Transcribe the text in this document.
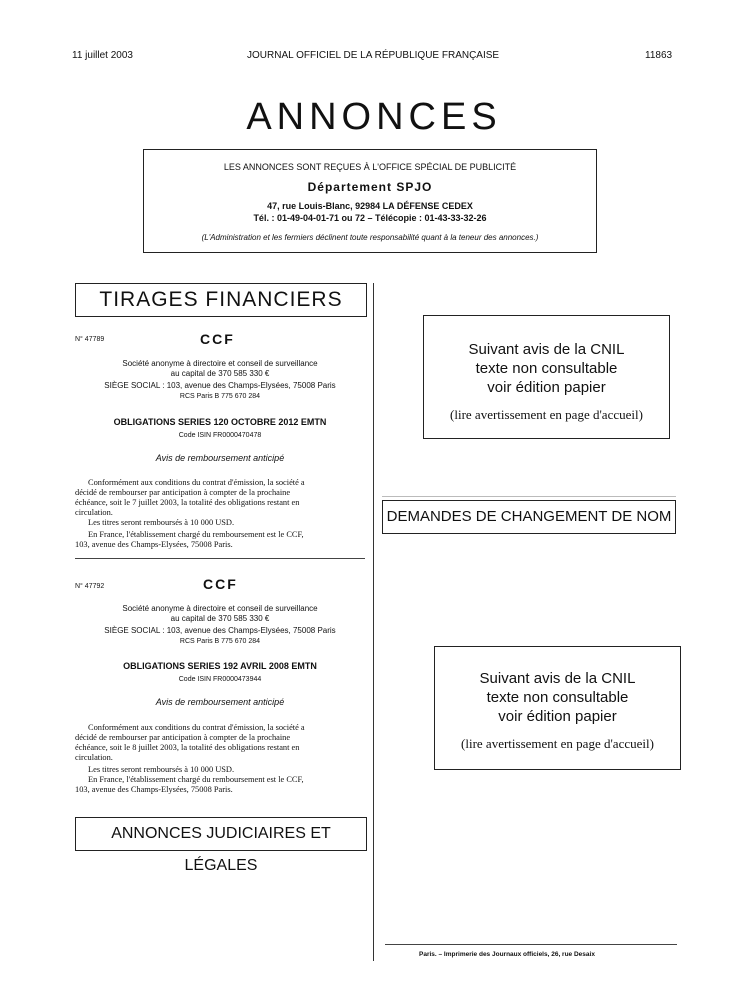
11 juillet 2003	JOURNAL OFFICIEL DE LA RÉPUBLIQUE FRANÇAISE	11863
ANNONCES
LES ANNONCES SONT REÇUES À L'OFFICE SPÉCIAL DE PUBLICITÉ
Département SPJO
47, rue Louis-Blanc, 92984 LA DÉFENSE CEDEX
Tél. : 01-49-04-01-71 ou 72 – Télécopie : 01-43-33-32-26
(L'Administration et les fermiers déclinent toute responsabilité quant à la teneur des annonces.)
TIRAGES FINANCIERS
N° 47789	CCF
Société anonyme à directoire et conseil de surveillance
au capital de 370 585 330 €
SIÈGE SOCIAL : 103, avenue des Champs-Elysées, 75008 Paris
RCS Paris B 775 670 284
OBLIGATIONS SERIES 120 OCTOBRE 2012 EMTN
Code ISIN FR0000470478
Avis de remboursement anticipé
Conformément aux conditions du contrat d'émission, la société a
décidé de rembourser par anticipation à compter de la prochaine
échéance, soit le 7 juillet 2003, la totalité des obligations restant en
circulation.
Les titres seront remboursés à 10 000 USD.
En France, l'établissement chargé du remboursement est le CCF,
103, avenue des Champs-Elysées, 75008 Paris.
N° 47792	CCF
Société anonyme à directoire et conseil de surveillance
au capital de 370 585 330 €
SIÈGE SOCIAL : 103, avenue des Champs-Elysées, 75008 Paris
RCS Paris B 775 670 284
OBLIGATIONS SERIES 192 AVRIL 2008 EMTN
Code ISIN FR0000473944
Avis de remboursement anticipé
Conformément aux conditions du contrat d'émission, la société a
décidé de rembourser par anticipation à compter de la prochaine
échéance, soit le 8 juillet 2003, la totalité des obligations restant en
circulation.
Les titres seront remboursés à 10 000 USD.
En France, l'établissement chargé du remboursement est le CCF,
103, avenue des Champs-Elysées, 75008 Paris.
ANNONCES JUDICIAIRES ET LÉGALES
Suivant avis de la CNIL
texte non consultable
voir édition papier
(lire avertissement en page d'accueil)
DEMANDES DE CHANGEMENT DE NOM
Suivant avis de la CNIL
texte non consultable
voir édition papier
(lire avertissement en page d'accueil)
Paris. – Imprimerie des Journaux officiels, 26, rue Desaix
